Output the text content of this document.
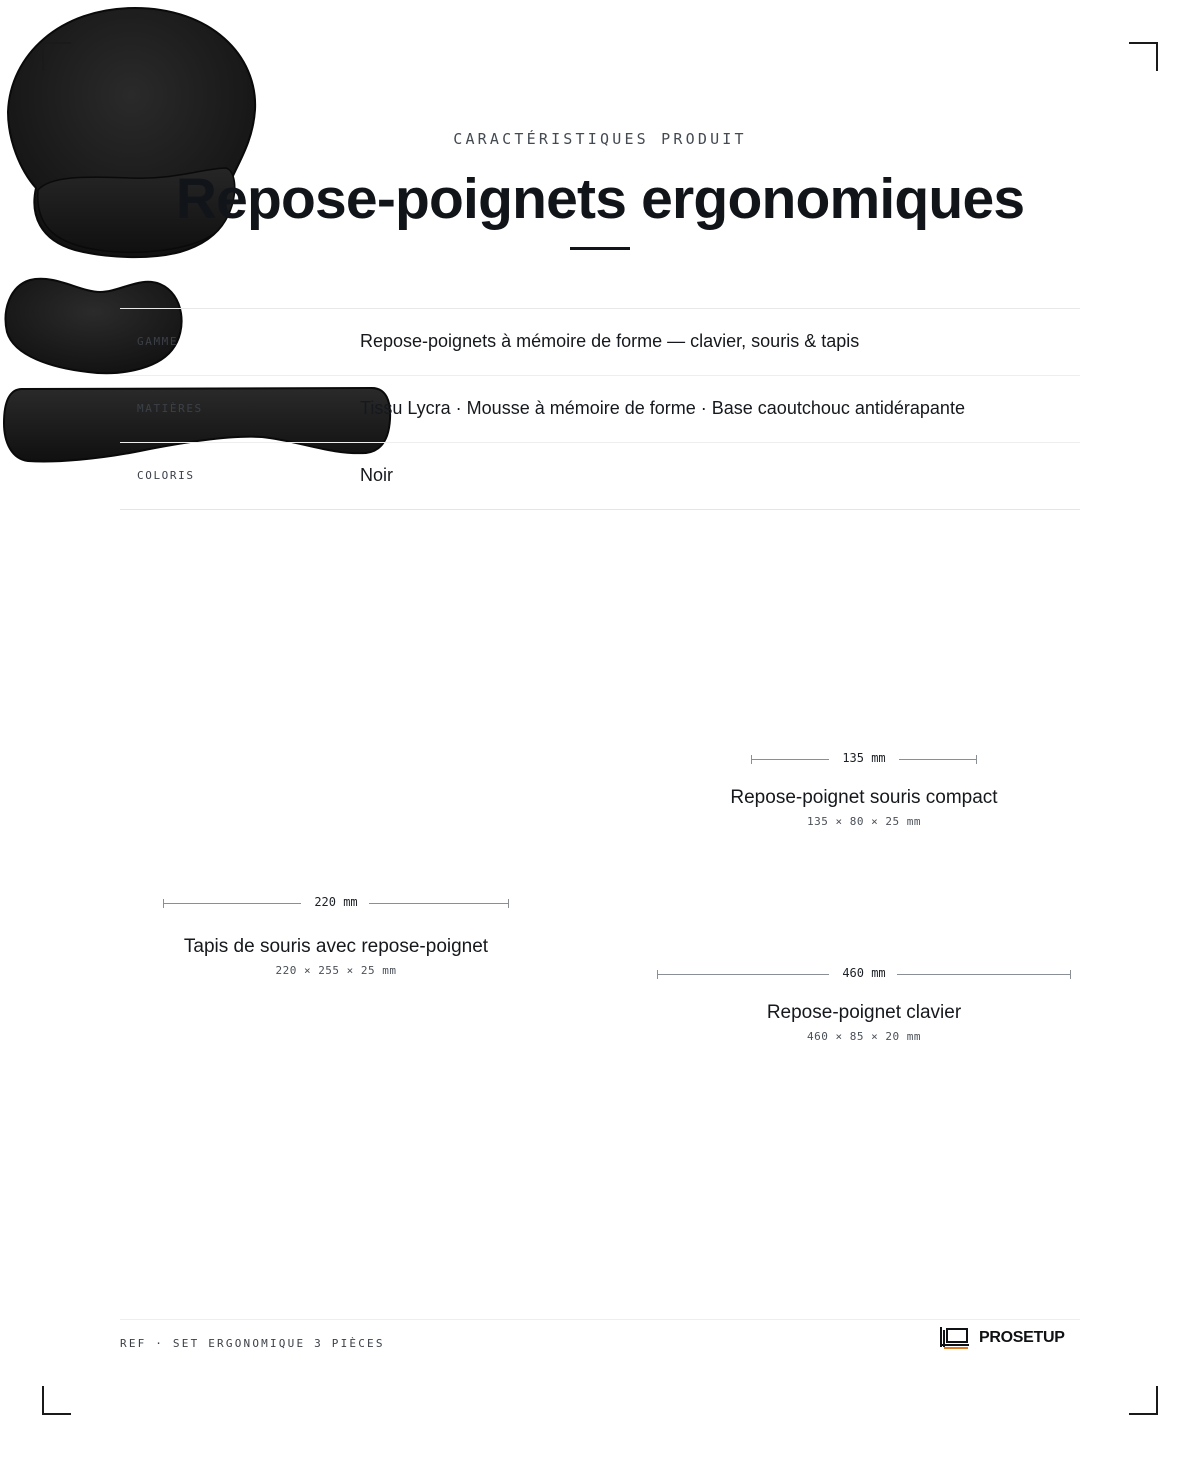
CARACTÉRISTIQUES PRODUIT
Repose-poignets ergonomiques
GAMME	Repose-poignets à mémoire de forme — clavier, souris & tapis
MATIÈRES	Tissu Lycra · Mousse à mémoire de forme · Base caoutchouc antidérapante
COLORIS	Noir
220 mm
Tapis de souris avec repose-poignet
220 × 255 × 25 mm
135 mm
Repose-poignet souris compact
135 × 80 × 25 mm
460 mm
Repose-poignet clavier
460 × 85 × 20 mm
REF · SET ERGONOMIQUE 3 PIÈCES	PROSETUP
